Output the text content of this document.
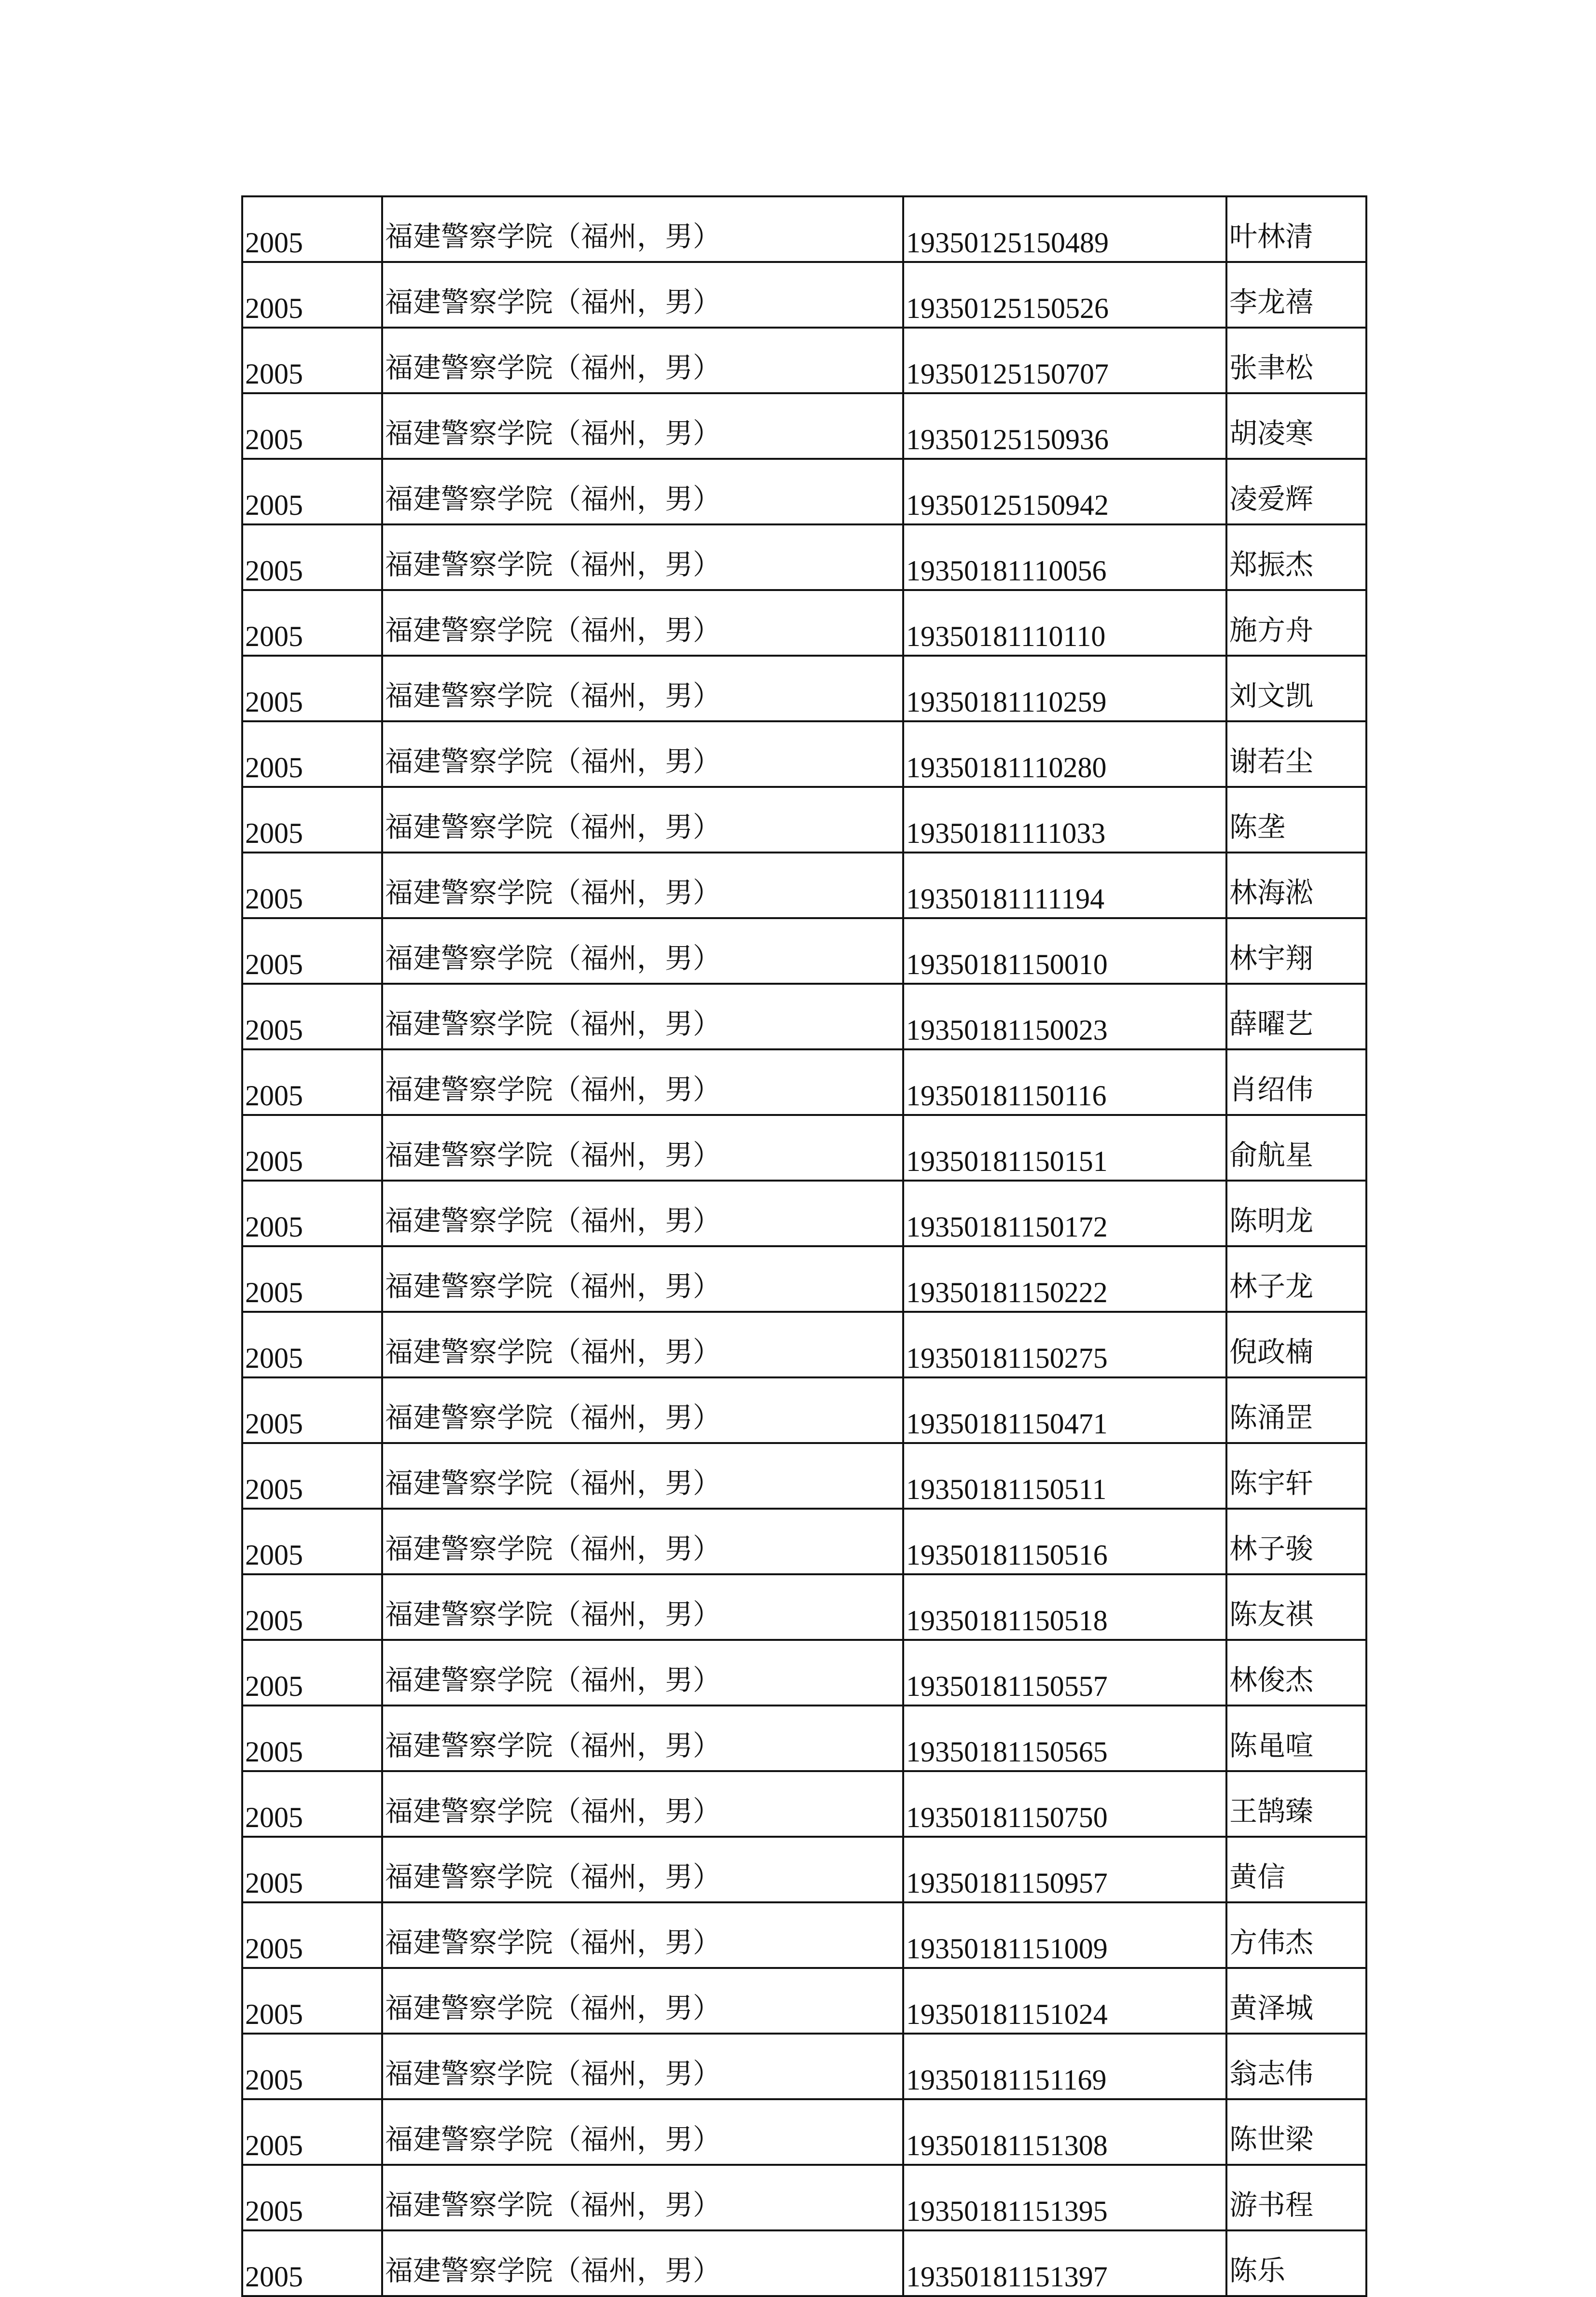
2005	福建警察学院（福州，男）	19350125150489	叶林清
2005	福建警察学院（福州，男）	19350125150526	李龙禧
2005	福建警察学院（福州，男）	19350125150707	张聿松
2005	福建警察学院（福州，男）	19350125150936	胡凌寒
2005	福建警察学院（福州，男）	19350125150942	凌爱辉
2005	福建警察学院（福州，男）	19350181110056	郑振杰
2005	福建警察学院（福州，男）	19350181110110	施方舟
2005	福建警察学院（福州，男）	19350181110259	刘文凯
2005	福建警察学院（福州，男）	19350181110280	谢若尘
2005	福建警察学院（福州，男）	19350181111033	陈垄
2005	福建警察学院（福州，男）	19350181111194	林海淞
2005	福建警察学院（福州，男）	19350181150010	林宇翔
2005	福建警察学院（福州，男）	19350181150023	薛曜艺
2005	福建警察学院（福州，男）	19350181150116	肖绍伟
2005	福建警察学院（福州，男）	19350181150151	俞航星
2005	福建警察学院（福州，男）	19350181150172	陈明龙
2005	福建警察学院（福州，男）	19350181150222	林子龙
2005	福建警察学院（福州，男）	19350181150275	倪政楠
2005	福建警察学院（福州，男）	19350181150471	陈涌罡
2005	福建警察学院（福州，男）	19350181150511	陈宇轩
2005	福建警察学院（福州，男）	19350181150516	林子骏
2005	福建警察学院（福州，男）	19350181150518	陈友祺
2005	福建警察学院（福州，男）	19350181150557	林俊杰
2005	福建警察学院（福州，男）	19350181150565	陈黾喧
2005	福建警察学院（福州，男）	19350181150750	王鹄臻
2005	福建警察学院（福州，男）	19350181150957	黄信
2005	福建警察学院（福州，男）	19350181151009	方伟杰
2005	福建警察学院（福州，男）	19350181151024	黄泽城
2005	福建警察学院（福州，男）	19350181151169	翁志伟
2005	福建警察学院（福州，男）	19350181151308	陈世梁
2005	福建警察学院（福州，男）	19350181151395	游书程
2005	福建警察学院（福州，男）	19350181151397	陈乐
